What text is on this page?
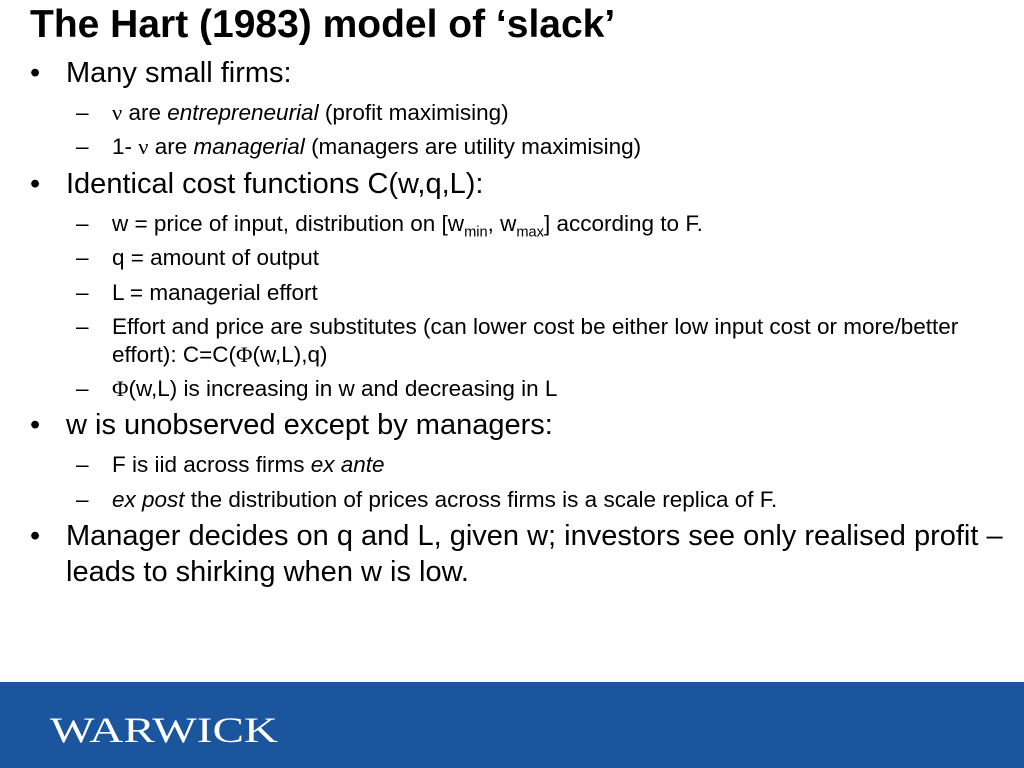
The Hart (1983) model of ‘slack’
• Many small firms:
– ν are entrepreneurial (profit maximising)
– 1- ν are managerial (managers are utility maximising)
• Identical cost functions C(w,q,L):
– w = price of input, distribution on [$w_{min}$, $w_{max}$] according to F.
– q = amount of output
– L = managerial effort
– Effort and price are substitutes (can lower cost be either low input cost or more/better effort): C=C(Φ(w,L),q)
– Φ(w,L) is increasing in w and decreasing in L
• w is unobserved except by managers:
– F is iid across firms ex ante
– ex post the distribution of prices across firms is a scale replica of F.
• Manager decides on q and L, given w; investors see only realised profit – leads to shirking when w is low.
WARWICK
